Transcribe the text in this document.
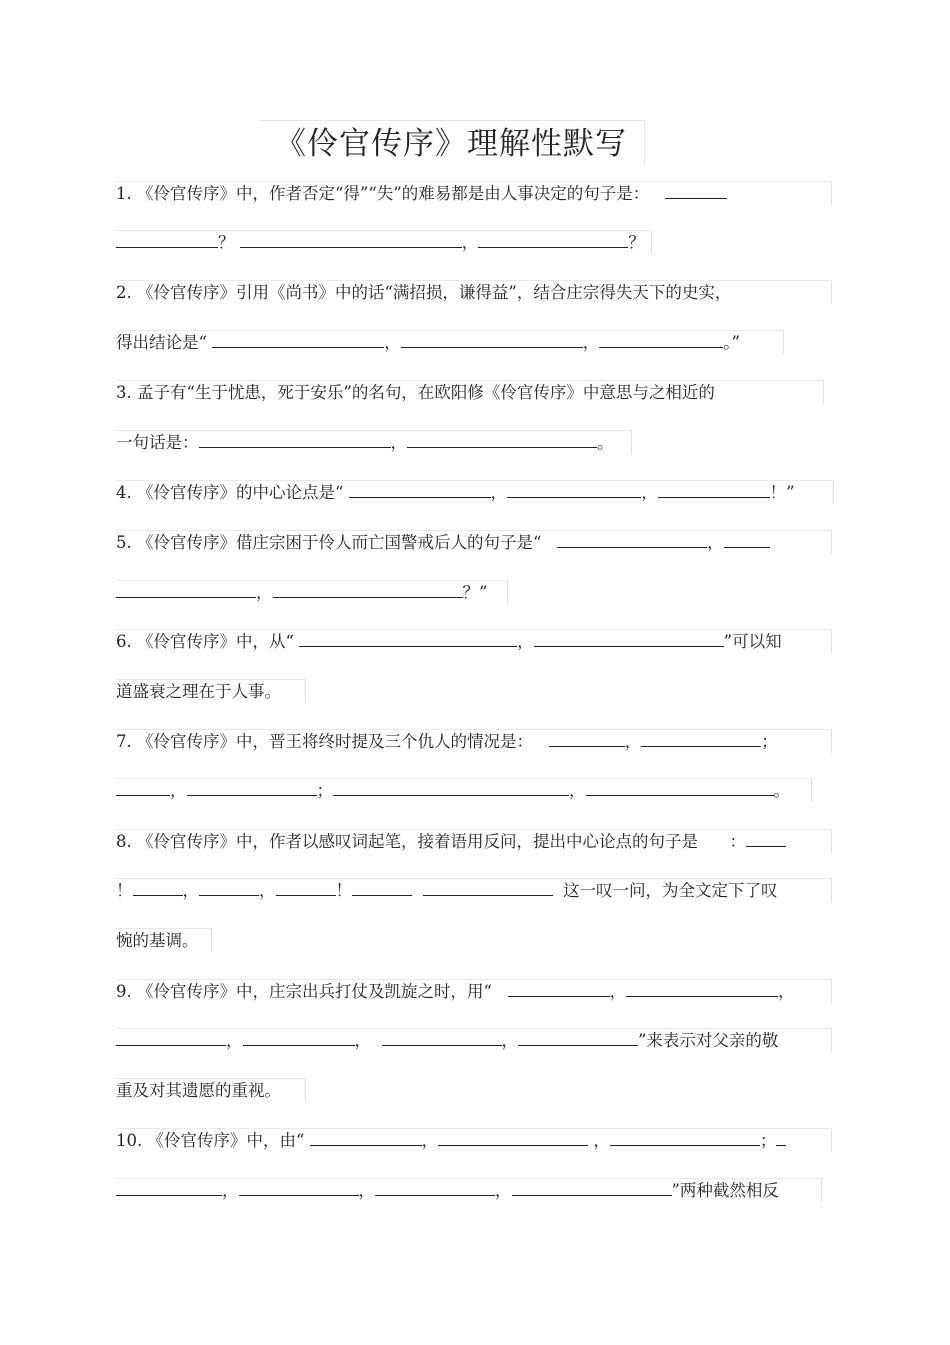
《伶官传序》理解性默写
1. 《伶官传序》中，作者否定“得”“失”的难易都是由人事决定的句子是：
？	，	？
2. 《伶官传序》引用《尚书》中的话“满招损，谦得益”，结合庄宗得失天下的史实，
得出结论是“	，	，	。”
3. 孟子有“生于忧患，死于安乐”的名句，在欧阳修《伶官传序》中意思与之相近的
一句话是：	，	。
4. 《伶官传序》的中心论点是“	，	，	！”
5. 《伶官传序》借庄宗困于伶人而亡国警戒后人的句子是“	，
，	？”
6. 《伶官传序》中，从“	，	”可以知
道盛衰之理在于人事。
7. 《伶官传序》中，晋王将终时提及三个仇人的情况是：	，	；
，	；	，	。
8. 《伶官传序》中，作者以感叹词起笔，接着语用反问，提出中心论点的句子是      ：
！	，	，	！	这一叹一问，为全文定下了叹
惋的基调。
9. 《伶官传序》中，庄宗出兵打仗及凯旋之时，用“	，	，
，	，	，	”来表示对父亲的敬
重及对其遗愿的重视。
10. 《伶官传序》中，由“	，	，	；
，	，	，	”两种截然相反
